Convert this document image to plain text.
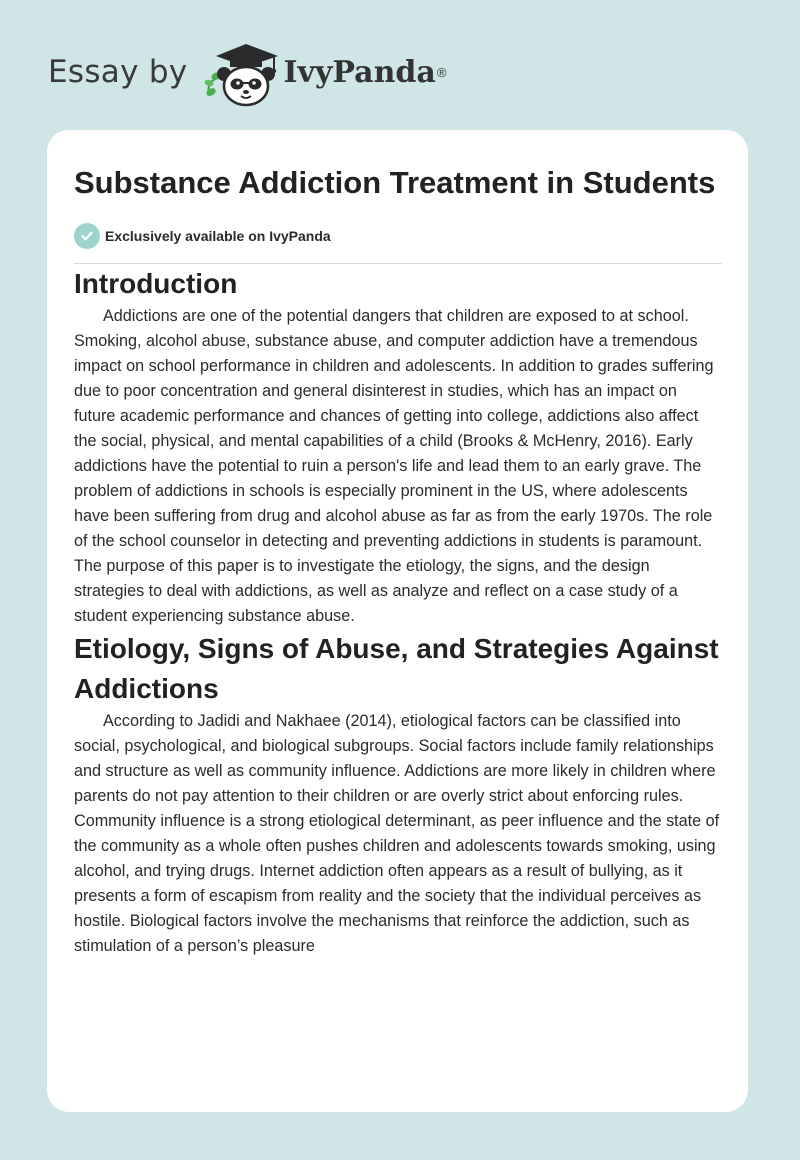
Essay by	IvyPanda ®
Substance Addiction Treatment in Students
Exclusively available on IvyPanda
Introduction

Addictions are one of the potential dangers that children are exposed to at school. Smoking, alcohol abuse, substance abuse, and computer addiction have a tremendous impact on school performance in children and adolescents. In addition to grades suffering due to poor concentration and general disinterest in studies, which has an impact on future academic performance and chances of getting into college, addictions also affect the social, physical, and mental capabilities of a child (Brooks & McHenry, 2016). Early addictions have the potential to ruin a person's life and lead them to an early grave. The problem of addictions in schools is especially prominent in the US, where adolescents have been suffering from drug and alcohol abuse as far as from the early 1970s. The role of the school counselor in detecting and preventing addictions in students is paramount. The purpose of this paper is to investigate the etiology, the signs, and the design strategies to deal with addictions, as well as analyze and reflect on a case study of a student experiencing substance abuse.

Etiology, Signs of Abuse, and Strategies Against Addictions

According to Jadidi and Nakhaee (2014), etiological factors can be classified into social, psychological, and biological subgroups. Social factors include family relationships and structure as well as community influence. Addictions are more likely in children where parents do not pay attention to their children or are overly strict about enforcing rules. Community influence is a strong etiological determinant, as peer influence and the state of the community as a whole often pushes children and adolescents towards smoking, using alcohol, and trying drugs. Internet addiction often appears as a result of bullying, as it presents a form of escapism from reality and the society that the individual perceives as hostile. Biological factors involve the mechanisms that reinforce the addiction, such as stimulation of a person’s pleasure
